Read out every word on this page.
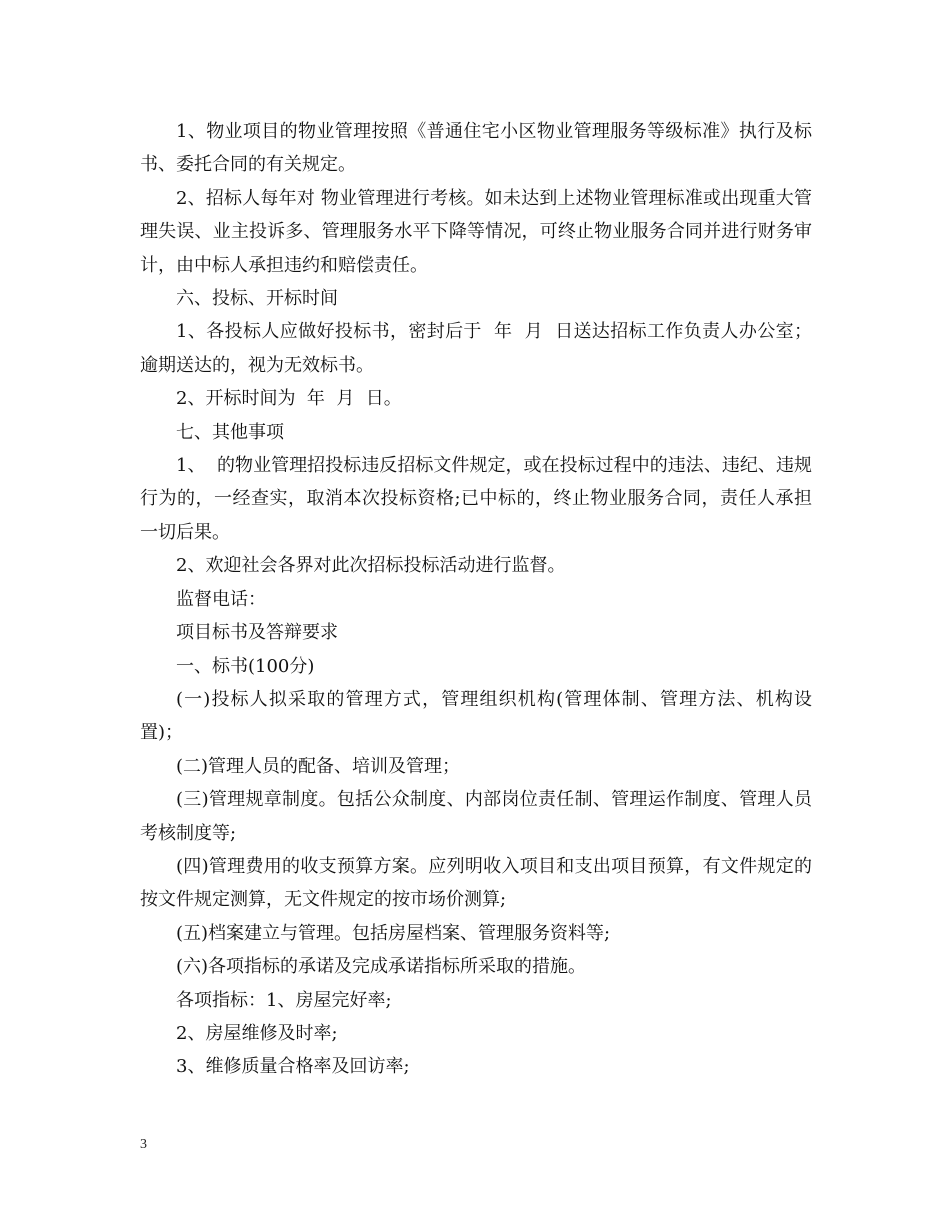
1、物业项目的物业管理按照《普通住宅小区物业管理服务等级标准》执行及标书、委托合同的有关规定。

2、招标人每年对 物业管理进行考核。如未达到上述物业管理标准或出现重大管理失误、业主投诉多、管理服务水平下降等情况，可终止物业服务合同并进行财务审计，由中标人承担违约和赔偿责任。

六、投标、开标时间

1、各投标人应做好投标书，密封后于  年  月  日送达招标工作负责人办公室；逾期送达的，视为无效标书。

2、开标时间为  年  月  日。

七、其他事项

1、  的物业管理招投标违反招标文件规定，或在投标过程中的违法、违纪、违规行为的，一经查实，取消本次投标资格;已中标的，终止物业服务合同，责任人承担一切后果。

2、欢迎社会各界对此次招标投标活动进行监督。

监督电话：

项目标书及答辩要求

一、标书(100分)

(一)投标人拟采取的管理方式，管理组织机构(管理体制、管理方法、机构设置)；

(二)管理人员的配备、培训及管理；

(三)管理规章制度。包括公众制度、内部岗位责任制、管理运作制度、管理人员考核制度等;

(四)管理费用的收支预算方案。应列明收入项目和支出项目预算，有文件规定的按文件规定测算，无文件规定的按市场价测算;

(五)档案建立与管理。包括房屋档案、管理服务资料等;

(六)各项指标的承诺及完成承诺指标所采取的措施。

各项指标：1、房屋完好率;

2、房屋维修及时率;

3、维修质量合格率及回访率;

3
